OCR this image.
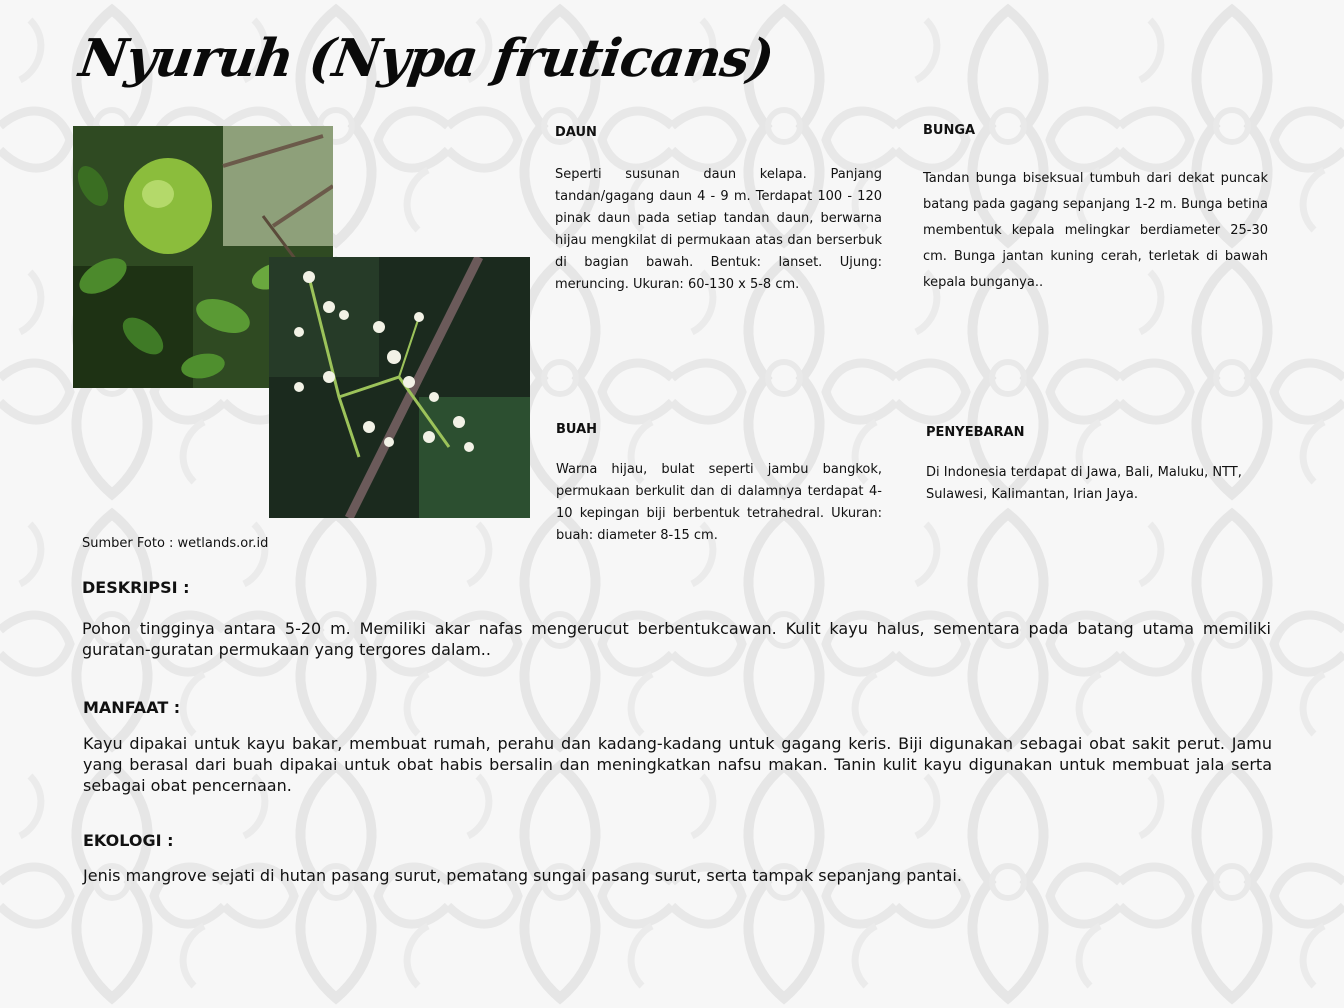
Nyuruh (Nypa fruticans)
Sumber Foto : wetlands.or.id
DAUN
Seperti susunan daun kelapa. Panjang tandan/gagang daun 4 - 9 m. Terdapat 100 - 120 pinak daun pada setiap tandan daun, berwarna hijau mengkilat di permukaan atas dan berserbuk di bagian bawah. Bentuk: lanset. Ujung: meruncing. Ukuran: 60-130 x 5-8 cm.
BUNGA
Tandan bunga biseksual tumbuh dari dekat puncak batang pada gagang sepanjang 1-2 m. Bunga betina membentuk kepala melingkar berdiameter 25-30 cm. Bunga jantan kuning cerah, terletak di bawah kepala bunganya..
BUAH
Warna hijau, bulat seperti jambu bangkok, permukaan berkulit dan di dalamnya terdapat 4-10 kepingan biji berbentuk tetrahedral. Ukuran: buah: diameter 8-15 cm.
PENYEBARAN
Di Indonesia terdapat di Jawa, Bali, Maluku, NTT, Sulawesi, Kalimantan, Irian Jaya.
DESKRIPSI :
Pohon tingginya antara 5-20 m. Memiliki akar nafas mengerucut berbentukcawan. Kulit kayu halus, sementara pada batang utama memiliki guratan-guratan permukaan yang tergores dalam..
MANFAAT :
Kayu dipakai untuk kayu bakar, membuat rumah, perahu dan kadang-kadang untuk gagang keris. Biji digunakan sebagai obat sakit perut. Jamu yang berasal dari buah dipakai untuk obat habis bersalin dan meningkatkan nafsu makan. Tanin kulit kayu digunakan untuk membuat jala serta sebagai obat pencernaan.
EKOLOGI :
Jenis mangrove sejati di hutan pasang surut, pematang sungai pasang surut, serta tampak sepanjang pantai.
